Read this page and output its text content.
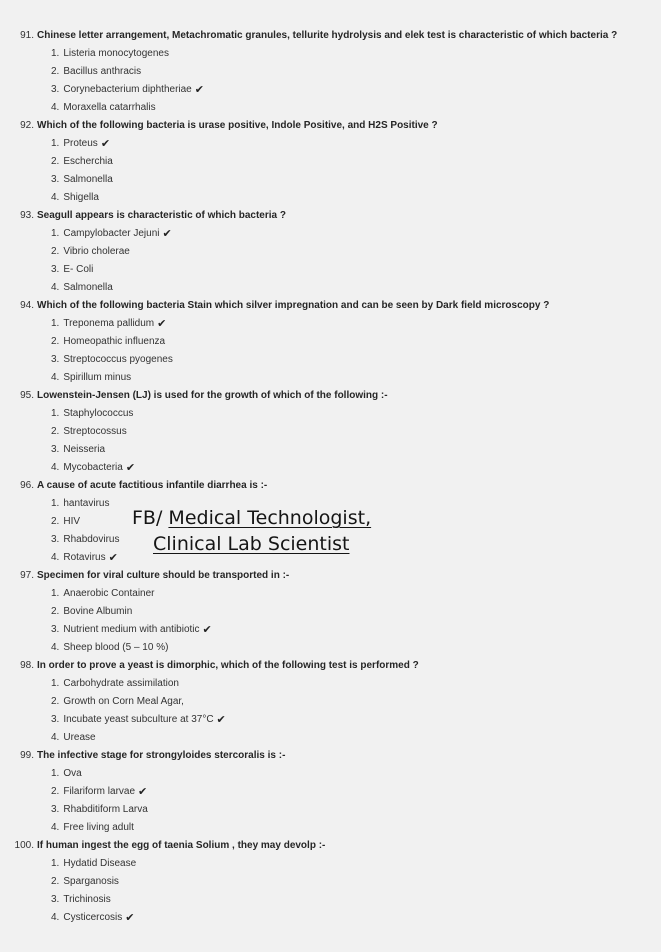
91. Chinese letter arrangement, Metachromatic granules, tellurite hydrolysis and elek test is characteristic of which bacteria ?
1. Listeria monocytogenes
2. Bacillus anthracis
3. Corynebacterium diphtheriae ✔
4. Moraxella catarrhalis
92. Which of the following bacteria is urase positive, Indole Positive, and H2S Positive ?
1. Proteus ✔
2. Escherchia
3. Salmonella
4. Shigella
93. Seagull appears is characteristic of which bacteria ?
1. Campylobacter Jejuni ✔
2. Vibrio cholerae
3. E- Coli
4. Salmonella
94. Which of the following bacteria Stain which silver impregnation and can be seen by Dark field microscopy ?
1. Treponema pallidum ✔
2. Homeopathic influenza
3. Streptococcus pyogenes
4. Spirillum minus
95. Lowenstein-Jensen (LJ) is used for the growth of which of the following :-
1. Staphylococcus
2. Streptocossus
3. Neisseria
4. Mycobacteria ✔
96. A cause of acute factitious infantile diarrhea is :-
1. hantavirus
2. HIV
3. Rhabdovirus
4. Rotavirus ✔
97. Specimen for viral culture should be transported in :-
1. Anaerobic Container
2. Bovine Albumin
3. Nutrient medium with antibiotic ✔
4. Sheep blood (5 – 10 %)
98. In order to prove a yeast is dimorphic, which of the following test is performed ?
1. Carbohydrate assimilation
2. Growth on Corn Meal Agar,
3. Incubate yeast subculture at 37°C ✔
4. Urease
99. The infective stage for strongyloides stercoralis is :-
1. Ova
2. Filariform larvae ✔
3. Rhabditiform Larva
4. Free living adult
100. If human ingest the egg of taenia Solium , they may devolp :-
1. Hydatid Disease
2. Sparganosis
3. Trichinosis
4. Cysticercosis ✔
FB/ Medical Technologist,
Clinical Lab Scientist
